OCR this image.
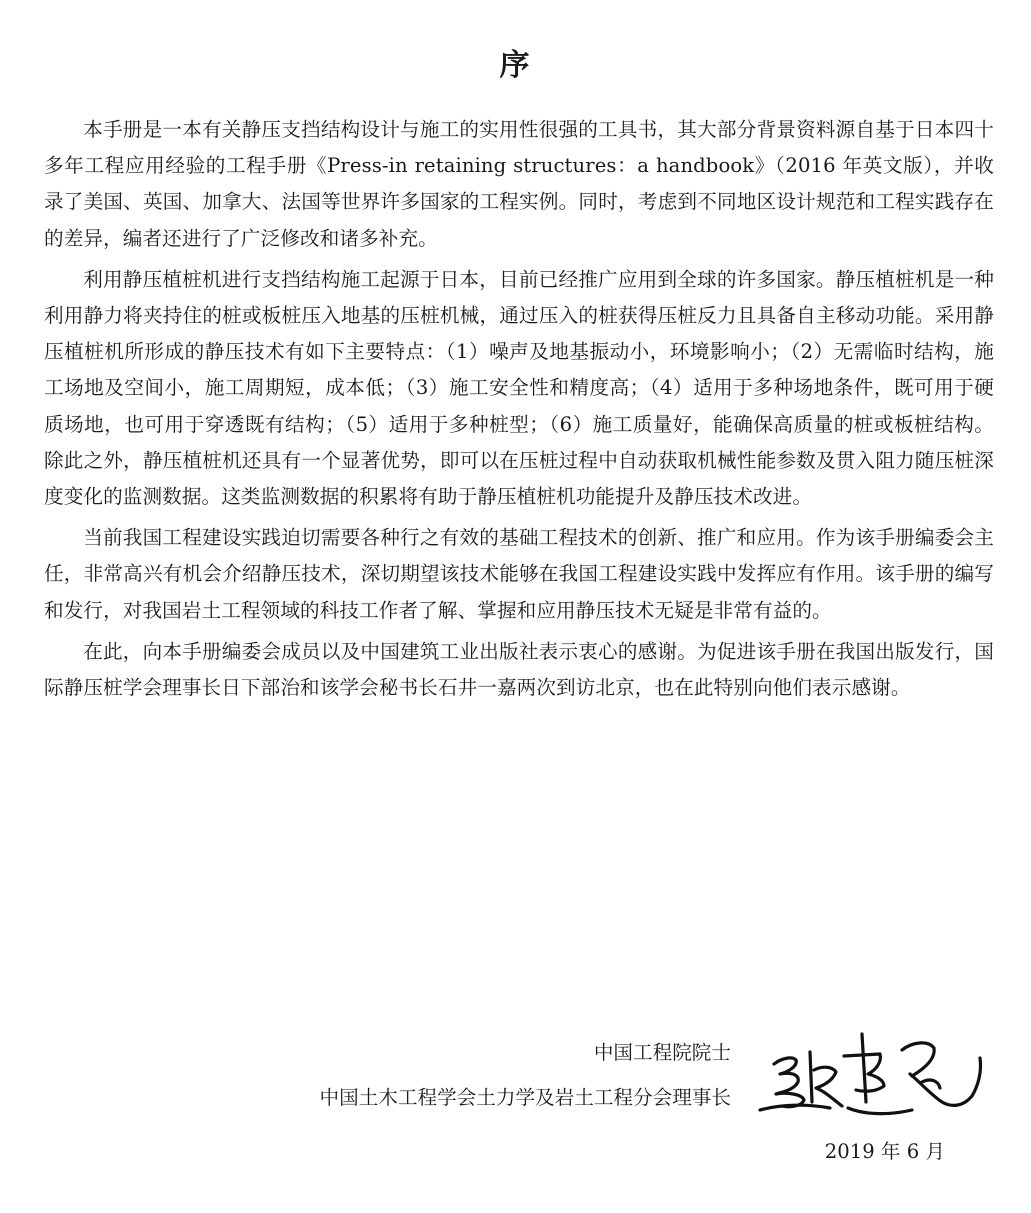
序

本手册是一本有关静压支挡结构设计与施工的实用性很强的工具书，其大部分背景资料源自基于日本四十多年工程应用经验的工程手册《Press-in retaining structures：a handbook》（2016 年英文版），并收录了美国、英国、加拿大、法国等世界许多国家的工程实例。同时，考虑到不同地区设计规范和工程实践存在的差异，编者还进行了广泛修改和诸多补充。

利用静压植桩机进行支挡结构施工起源于日本，目前已经推广应用到全球的许多国家。静压植桩机是一种利用静力将夹持住的桩或板桩压入地基的压桩机械，通过压入的桩获得压桩反力且具备自主移动功能。采用静压植桩机所形成的静压技术有如下主要特点：（1）噪声及地基振动小，环境影响小；（2）无需临时结构，施工场地及空间小，施工周期短，成本低；（3）施工安全性和精度高；（4）适用于多种场地条件，既可用于硬质场地，也可用于穿透既有结构；（5）适用于多种桩型；（6）施工质量好，能确保高质量的桩或板桩结构。除此之外，静压植桩机还具有一个显著优势，即可以在压桩过程中自动获取机械性能参数及贯入阻力随压桩深度变化的监测数据。这类监测数据的积累将有助于静压植桩机功能提升及静压技术改进。

当前我国工程建设实践迫切需要各种行之有效的基础工程技术的创新、推广和应用。作为该手册编委会主任，非常高兴有机会介绍静压技术，深切期望该技术能够在我国工程建设实践中发挥应有作用。该手册的编写和发行，对我国岩土工程领域的科技工作者了解、掌握和应用静压技术无疑是非常有益的。

在此，向本手册编委会成员以及中国建筑工业出版社表示衷心的感谢。为促进该手册在我国出版发行，国际静压桩学会理事长日下部治和该学会秘书长石井一嘉两次到访北京，也在此特别向他们表示感谢。

中国工程院院士

中国土木工程学会土力学及岩土工程分会理事长

2019 年 6 月
